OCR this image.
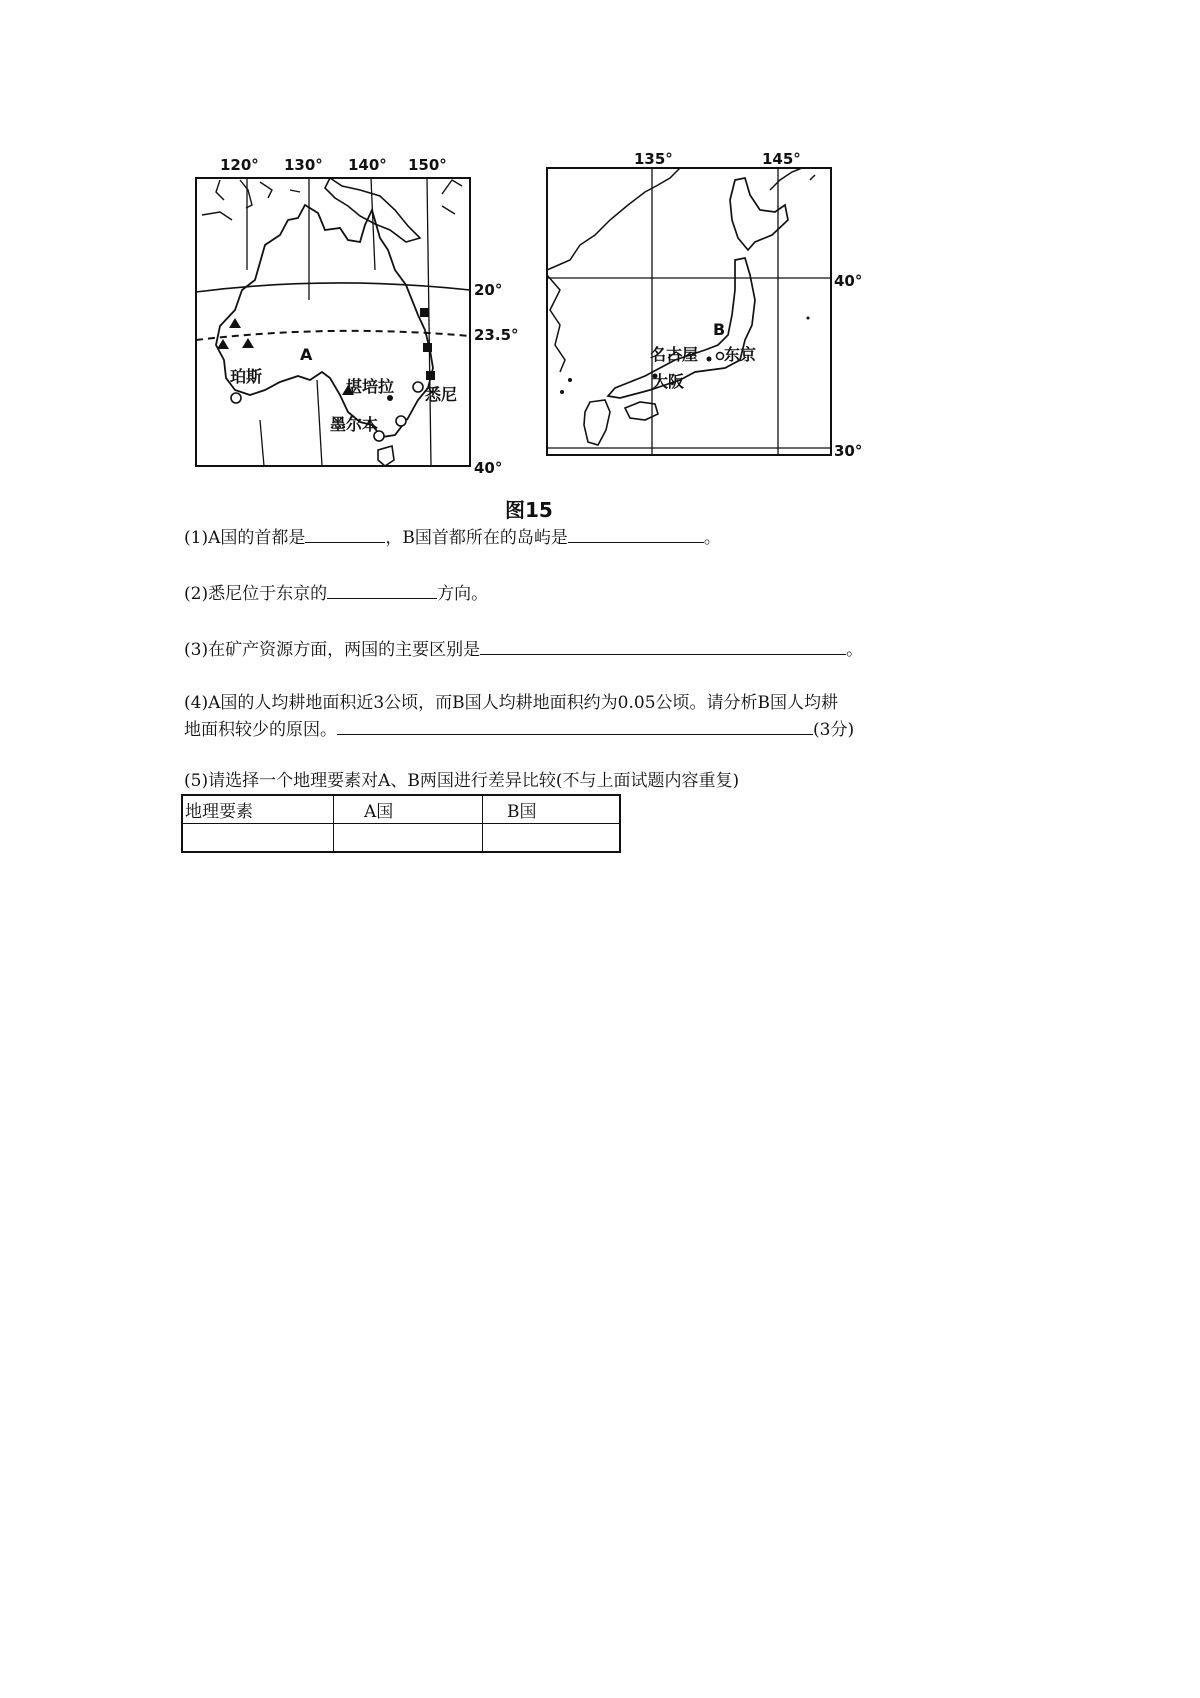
120° 130° 140° 150°
20°
23.5°
40°
A
珀斯
墨尔本
悉尼
堪培拉
135°	145°
40°
30°
B
名古屋 东京
大阪
图15
(1)A国的首都是	，B国首都所在的岛屿是	。
(2)悉尼位于东京的	方向。
(3)在矿产资源方面，两国的主要区别是	。
(4)A国的人均耕地面积近3公顷，而B国人均耕地面积约为0.05公顷。请分析B国人均耕
地面积较少的原因。	(3分)
(5)请选择一个地理要素对A、B两国进行差异比较(不与上面试题内容重复)
地理要素	A国	B国
